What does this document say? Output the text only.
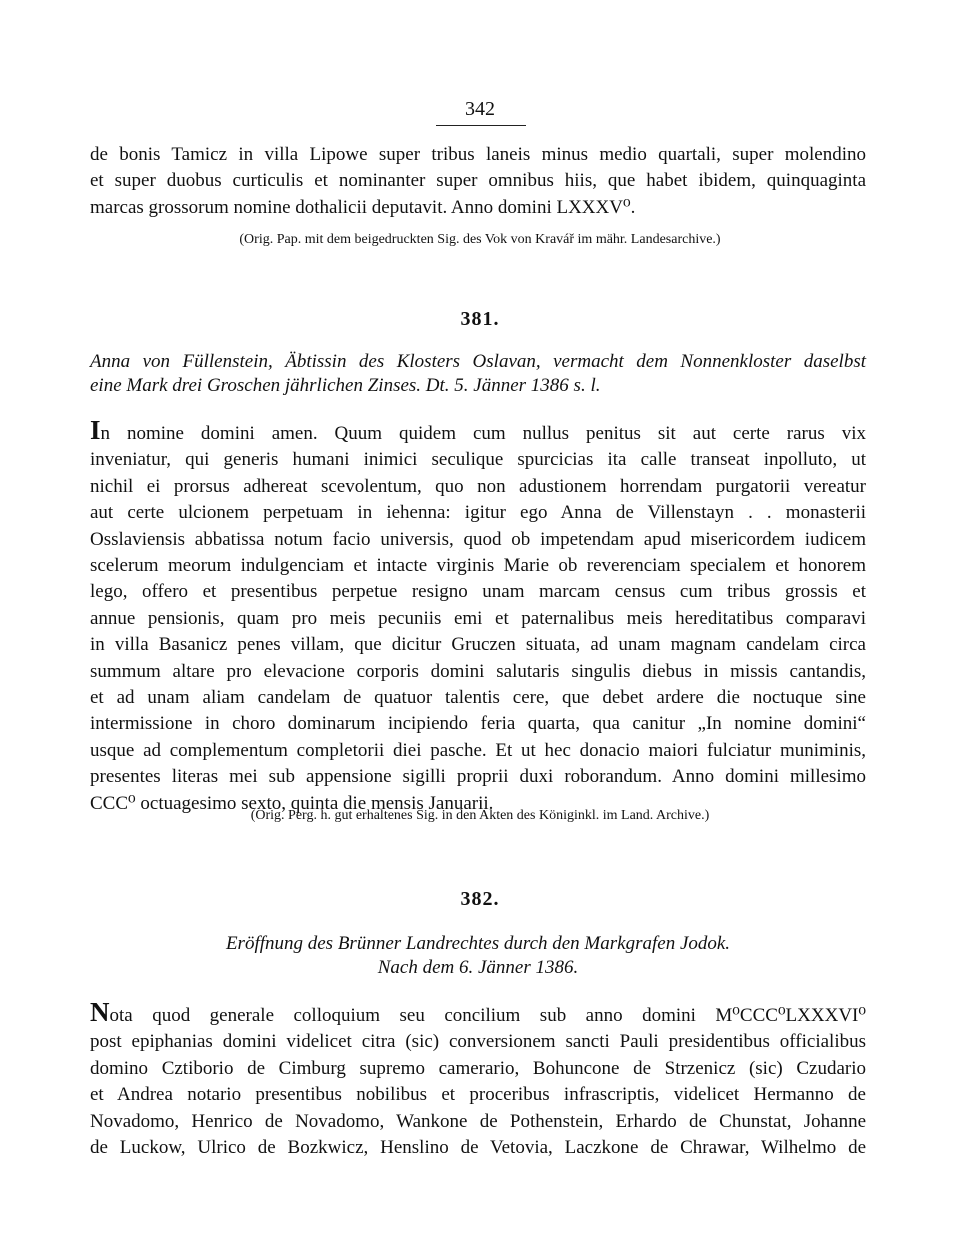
342
de bonis Tamicz in villa Lipowe super tribus laneis minus medio quartali, super molendino
et super duobus curticulis et nominanter super omnibus hiis, que habet ibidem, quinquaginta
marcas grossorum nomine dothalicii deputavit. Anno domini LXXXV⁰.
(Orig. Pap. mit dem beigedruckten Sig. des Vok von Kravář im mähr. Landesarchive.)
381.
Anna von Füllenstein, Äbtissin des Klosters Oslavan, vermacht dem Nonnenkloster daselbst
eine Mark drei Groschen jährlichen Zinses. Dt. 5. Jänner 1386 s. l.
In nomine domini amen. Quum quidem cum nullus penitus sit aut certe rarus vix
inveniatur, qui generis humani inimici seculique spurcicias ita calle transeat inpolluto, ut
nichil ei prorsus adhereat scevolentum, quo non adustionem horrendam purgatorii vereatur
aut certe ulcionem perpetuam in iehenna: igitur ego Anna de Villenstayn . . monasterii
Osslaviensis abbatissa notum facio universis, quod ob impetendam apud misericordem iudicem
scelerum meorum indulgenciam et intacte virginis Marie ob reverenciam specialem et honorem
lego, offero et presentibus perpetue resigno unam marcam census cum tribus grossis et
annue pensionis, quam pro meis pecuniis emi et paternalibus meis hereditatibus comparavi
in villa Basanicz penes villam, que dicitur Gruczen situata, ad unam magnam candelam circa
summum altare pro elevacione corporis domini salutaris singulis diebus in missis cantandis,
et ad unam aliam candelam de quatuor talentis cere, que debet ardere die noctuque sine
intermissione in choro dominarum incipiendo feria quarta, qua canitur „In nomine domini“
usque ad complementum completorii diei pasche. Et ut hec donacio maiori fulciatur muniminis,
presentes literas mei sub appensione sigilli proprii duxi roborandum. Anno domini millesimo
CCC⁰ octuagesimo sexto, quinta die mensis Januarii.
(Orig. Perg. h. gut erhaltenes Sig. in den Akten des Königinkl. im Land. Archive.)
382.
Eröffnung des Brünner Landrechtes durch den Markgrafen Jodok.
Nach dem 6. Jänner 1386.
Nota quod generale colloquium seu concilium sub anno domini M⁰CCC⁰LXXXVI⁰
post epiphanias domini videlicet citra (sic) conversionem sancti Pauli presidentibus officialibus
domino Cztiborio de Cimburg supremo camerario, Bohuncone de Strzenicz (sic) Czudario
et Andrea notario presentibus nobilibus et proceribus infrascriptis, videlicet Hermanno de
Novadomo, Henrico de Novadomo, Wankone de Pothenstein, Erhardo de Chunstat, Johanne
de Luckow, Ulrico de Bozkwicz, Henslino de Vetovia, Laczkone de Chrawar, Wilhelmo de
